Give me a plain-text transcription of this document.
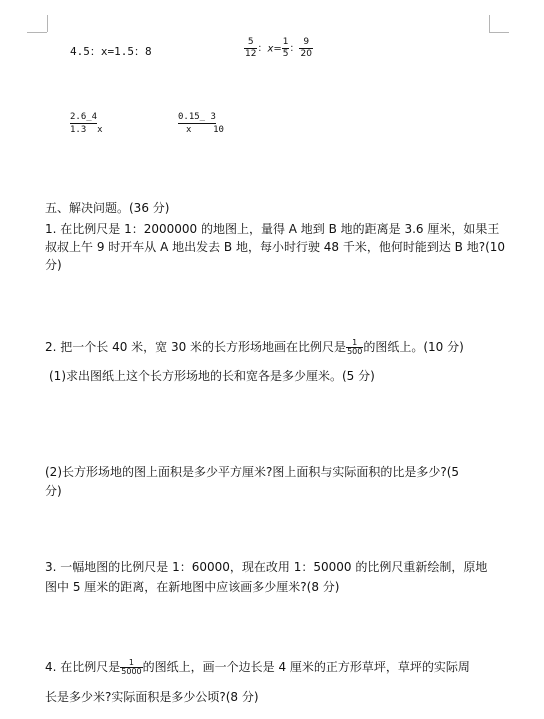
4.5：x=1.5：8	$\frac{5}{12}$ ：$x= \frac{1}{5}$ ： $\frac{9}{20}$
2.6_4
1.3  x
0.15_ 3
x    10
五、解决问题。(36 分)
1. 在比例尺是 1：2000000 的地图上，量得 A 地到 B 地的距离是 3.6 厘米，如果王
叔叔上午 9 时开车从 A 地出发去 B 地，每小时行驶 48 千米，他何时能到达 B 地?(10
分)
2. 把一个长 40 米，宽 30 米的长方形场地画在比例尺是 $\frac{1}{500}$ 的图纸上。(10 分)
(1)求出图纸上这个长方形场地的长和宽各是多少厘米。(5 分)
(2)长方形场地的图上面积是多少平方厘米?图上面积与实际面积的比是多少?(5
分)
3. 一幅地图的比例尺是 1：60000，现在改用 1：50000 的比例尺重新绘制，原地
图中 5 厘米的距离，在新地图中应该画多少厘米?(8 分)
4. 在比例尺是 $\frac{1}{5000}$ 的图纸上，画一个边长是 4 厘米的正方形草坪，草坪的实际周
长是多少米?实际面积是多少公顷?(8 分)
